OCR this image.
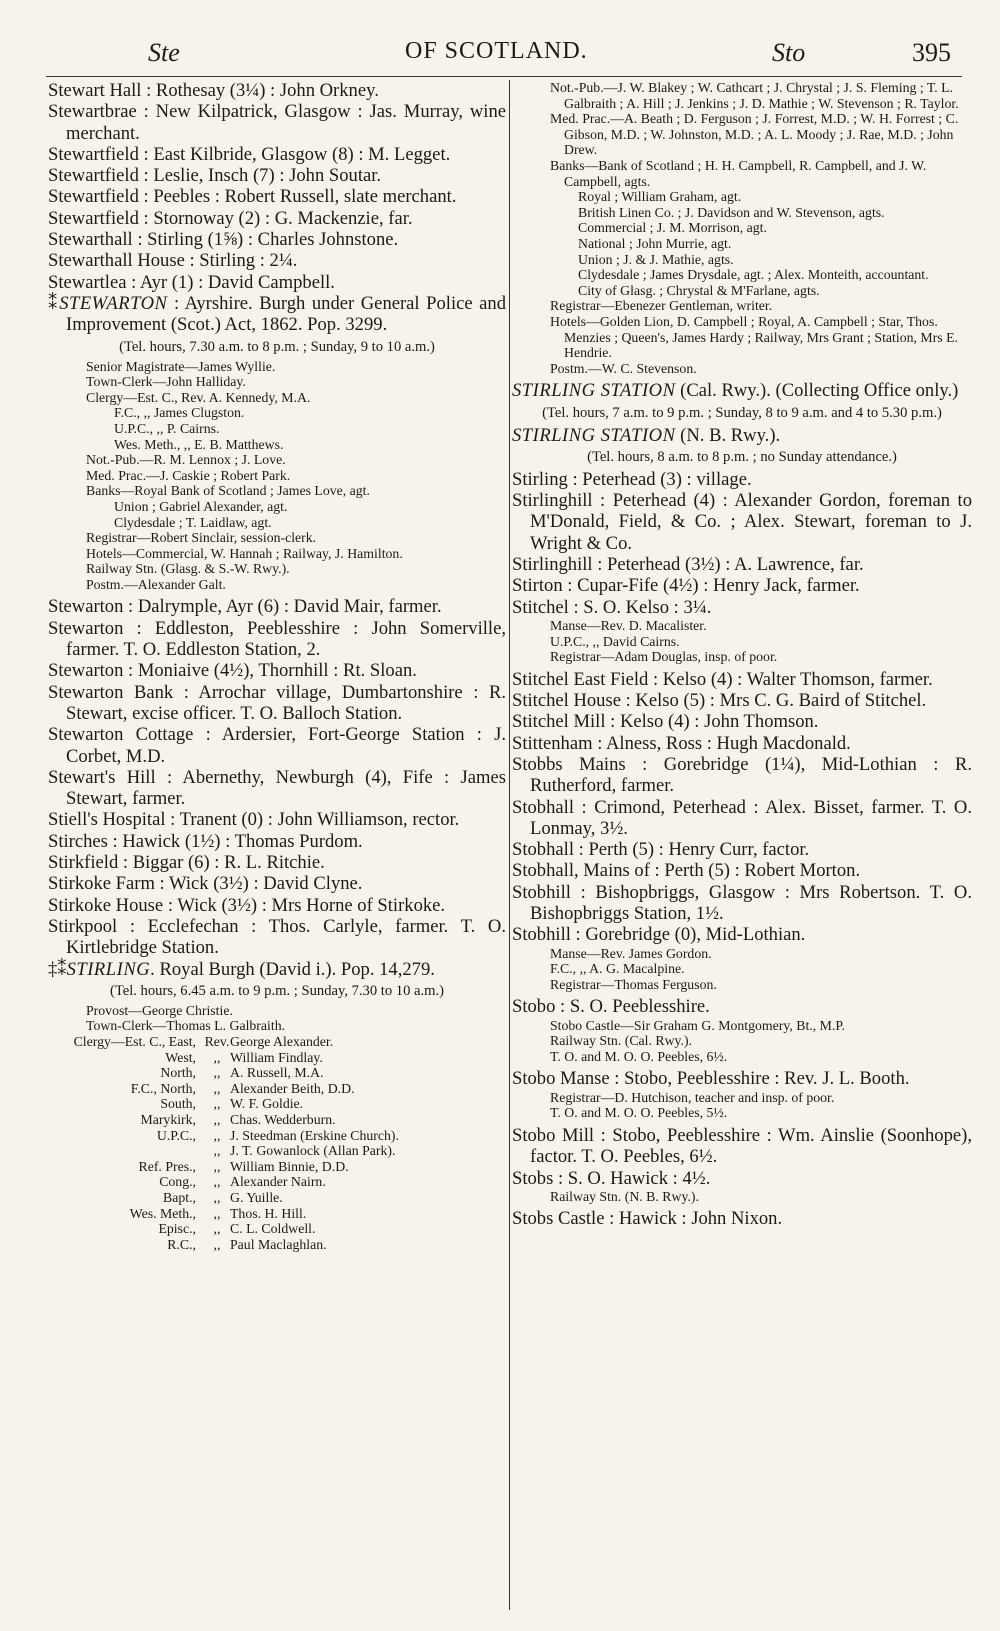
Ste	OF SCOTLAND.	Sto	395

Stewart Hall : Rothesay (3¼) : John Orkney.

Stewartbrae : New Kilpatrick, Glasgow : Jas. Murray, wine merchant.

Stewartfield : East Kilbride, Glasgow (8) : M. Legget.

Stewartfield : Leslie, Insch (7) : John Soutar.

Stewartfield : Peebles : Robert Russell, slate merchant.

Stewartfield : Stornoway (2) : G. Mackenzie, far.

Stewarthall : Stirling (1⅝) : Charles Johnstone.

Stewarthall House : Stirling : 2¼.

Stewartlea : Ayr (1) : David Campbell.

⁑STEWARTON : Ayrshire. Burgh under General Police and Improvement (Scot.) Act, 1862. Pop. 3299.

(Tel. hours, 7.30 a.m. to 8 p.m. ; Sunday, 9 to 10 a.m.)

Senior Magistrate—James Wyllie.

Town-Clerk—John Halliday.

Clergy—Est. C., Rev. A. Kennedy, M.A.

F.C., ,, James Clugston.

U.P.C., ,, P. Cairns.

Wes. Meth., ,, E. B. Matthews.

Not.-Pub.—R. M. Lennox ; J. Love.

Med. Prac.—J. Caskie ; Robert Park.

Banks—Royal Bank of Scotland ; James Love, agt.

Union ; Gabriel Alexander, agt.

Clydesdale ; T. Laidlaw, agt.

Registrar—Robert Sinclair, session-clerk.

Hotels—Commercial, W. Hannah ; Railway, J. Hamilton.

Railway Stn. (Glasg. & S.-W. Rwy.).

Postm.—Alexander Galt.

Stewarton : Dalrymple, Ayr (6) : David Mair, farmer.

Stewarton : Eddleston, Peeblesshire : John Somerville, farmer. T. O. Eddleston Station, 2.

Stewarton : Moniaive (4½), Thornhill : Rt. Sloan.

Stewarton Bank : Arrochar village, Dumbartonshire : R. Stewart, excise officer. T. O. Balloch Station.

Stewarton Cottage : Ardersier, Fort-George Station : J. Corbet, M.D.

Stewart's Hill : Abernethy, Newburgh (4), Fife : James Stewart, farmer.

Stiell's Hospital : Tranent (0) : John Williamson, rector.

Stirches : Hawick (1½) : Thomas Purdom.

Stirkfield : Biggar (6) : R. L. Ritchie.

Stirkoke Farm : Wick (3½) : David Clyne.

Stirkoke House : Wick (3½) : Mrs Horne of Stirkoke.

Stirkpool : Ecclefechan : Thos. Carlyle, farmer. T. O. Kirtlebridge Station.

‡⁑STIRLING. Royal Burgh (David i.). Pop. 14,279.

(Tel. hours, 6.45 a.m. to 9 p.m. ; Sunday, 7.30 to 10 a.m.)

Provost—George Christie.

Town-Clerk—Thomas L. Galbraith.

Clergy—Est. C., East,	Rev.	George Alexander.
West,	,,	William Findlay.
North,	,,	A. Russell, M.A.
F.C., North,	,,	Alexander Beith, D.D.
South,	,,	W. F. Goldie.
Marykirk,	,,	Chas. Wedderburn.
U.P.C.,	,,	J. Steedman (Erskine Church).
	,,	J. T. Gowanlock (Allan Park).
Ref. Pres.,	,,	William Binnie, D.D.
Cong.,	,,	Alexander Nairn.
Bapt.,	,,	G. Yuille.
Wes. Meth.,	,,	Thos. H. Hill.
Episc.,	,,	C. L. Coldwell.
R.C.,	,,	Paul Maclaghlan.

Not.-Pub.—J. W. Blakey ; W. Cathcart ; J. Chrystal ; J. S. Fleming ; T. L. Galbraith ; A. Hill ; J. Jenkins ; J. D. Mathie ; W. Stevenson ; R. Taylor.

Med. Prac.—A. Beath ; D. Ferguson ; J. Forrest, M.D. ; W. H. Forrest ; C. Gibson, M.D. ; W. Johnston, M.D. ; A. L. Moody ; J. Rae, M.D. ; John Drew.

Banks—Bank of Scotland ; H. H. Campbell, R. Campbell, and J. W. Campbell, agts.

Royal ; William Graham, agt.

British Linen Co. ; J. Davidson and W. Stevenson, agts.

Commercial ; J. M. Morrison, agt.

National ; John Murrie, agt.

Union ; J. & J. Mathie, agts.

Clydesdale ; James Drysdale, agt. ; Alex. Monteith, accountant.

City of Glasg. ; Chrystal & M'Farlane, agts.

Registrar—Ebenezer Gentleman, writer.

Hotels—Golden Lion, D. Campbell ; Royal, A. Campbell ; Star, Thos. Menzies ; Queen's, James Hardy ; Railway, Mrs Grant ; Station, Mrs E. Hendrie.

Postm.—W. C. Stevenson.

STIRLING STATION (Cal. Rwy.). (Collecting Office only.)

(Tel. hours, 7 a.m. to 9 p.m. ; Sunday, 8 to 9 a.m. and 4 to 5.30 p.m.)

STIRLING STATION (N. B. Rwy.).

(Tel. hours, 8 a.m. to 8 p.m. ; no Sunday attendance.)

Stirling : Peterhead (3) : village.

Stirlinghill : Peterhead (4) : Alexander Gordon, foreman to M'Donald, Field, & Co. ; Alex. Stewart, foreman to J. Wright & Co.

Stirlinghill : Peterhead (3½) : A. Lawrence, far.

Stirton : Cupar-Fife (4½) : Henry Jack, farmer.

Stitchel : S. O. Kelso : 3¼.

Manse—Rev. D. Macalister.

U.P.C., ,, David Cairns.

Registrar—Adam Douglas, insp. of poor.

Stitchel East Field : Kelso (4) : Walter Thomson, farmer.

Stitchel House : Kelso (5) : Mrs C. G. Baird of Stitchel.

Stitchel Mill : Kelso (4) : John Thomson.

Stittenham : Alness, Ross : Hugh Macdonald.

Stobbs Mains : Gorebridge (1¼), Mid-Lothian : R. Rutherford, farmer.

Stobhall : Crimond, Peterhead : Alex. Bisset, farmer. T. O. Lonmay, 3½.

Stobhall : Perth (5) : Henry Curr, factor.

Stobhall, Mains of : Perth (5) : Robert Morton.

Stobhill : Bishopbriggs, Glasgow : Mrs Robertson. T. O. Bishopbriggs Station, 1½.

Stobhill : Gorebridge (0), Mid-Lothian.

Manse—Rev. James Gordon.

F.C., ,, A. G. Macalpine.

Registrar—Thomas Ferguson.

Stobo : S. O. Peeblesshire.

Stobo Castle—Sir Graham G. Montgomery, Bt., M.P.

Railway Stn. (Cal. Rwy.).

T. O. and M. O. O. Peebles, 6½.

Stobo Manse : Stobo, Peeblesshire : Rev. J. L. Booth.

Registrar—D. Hutchison, teacher and insp. of poor.

T. O. and M. O. O. Peebles, 5½.

Stobo Mill : Stobo, Peeblesshire : Wm. Ainslie (Soonhope), factor. T. O. Peebles, 6½.

Stobs : S. O. Hawick : 4½.

Railway Stn. (N. B. Rwy.).

Stobs Castle : Hawick : John Nixon.
